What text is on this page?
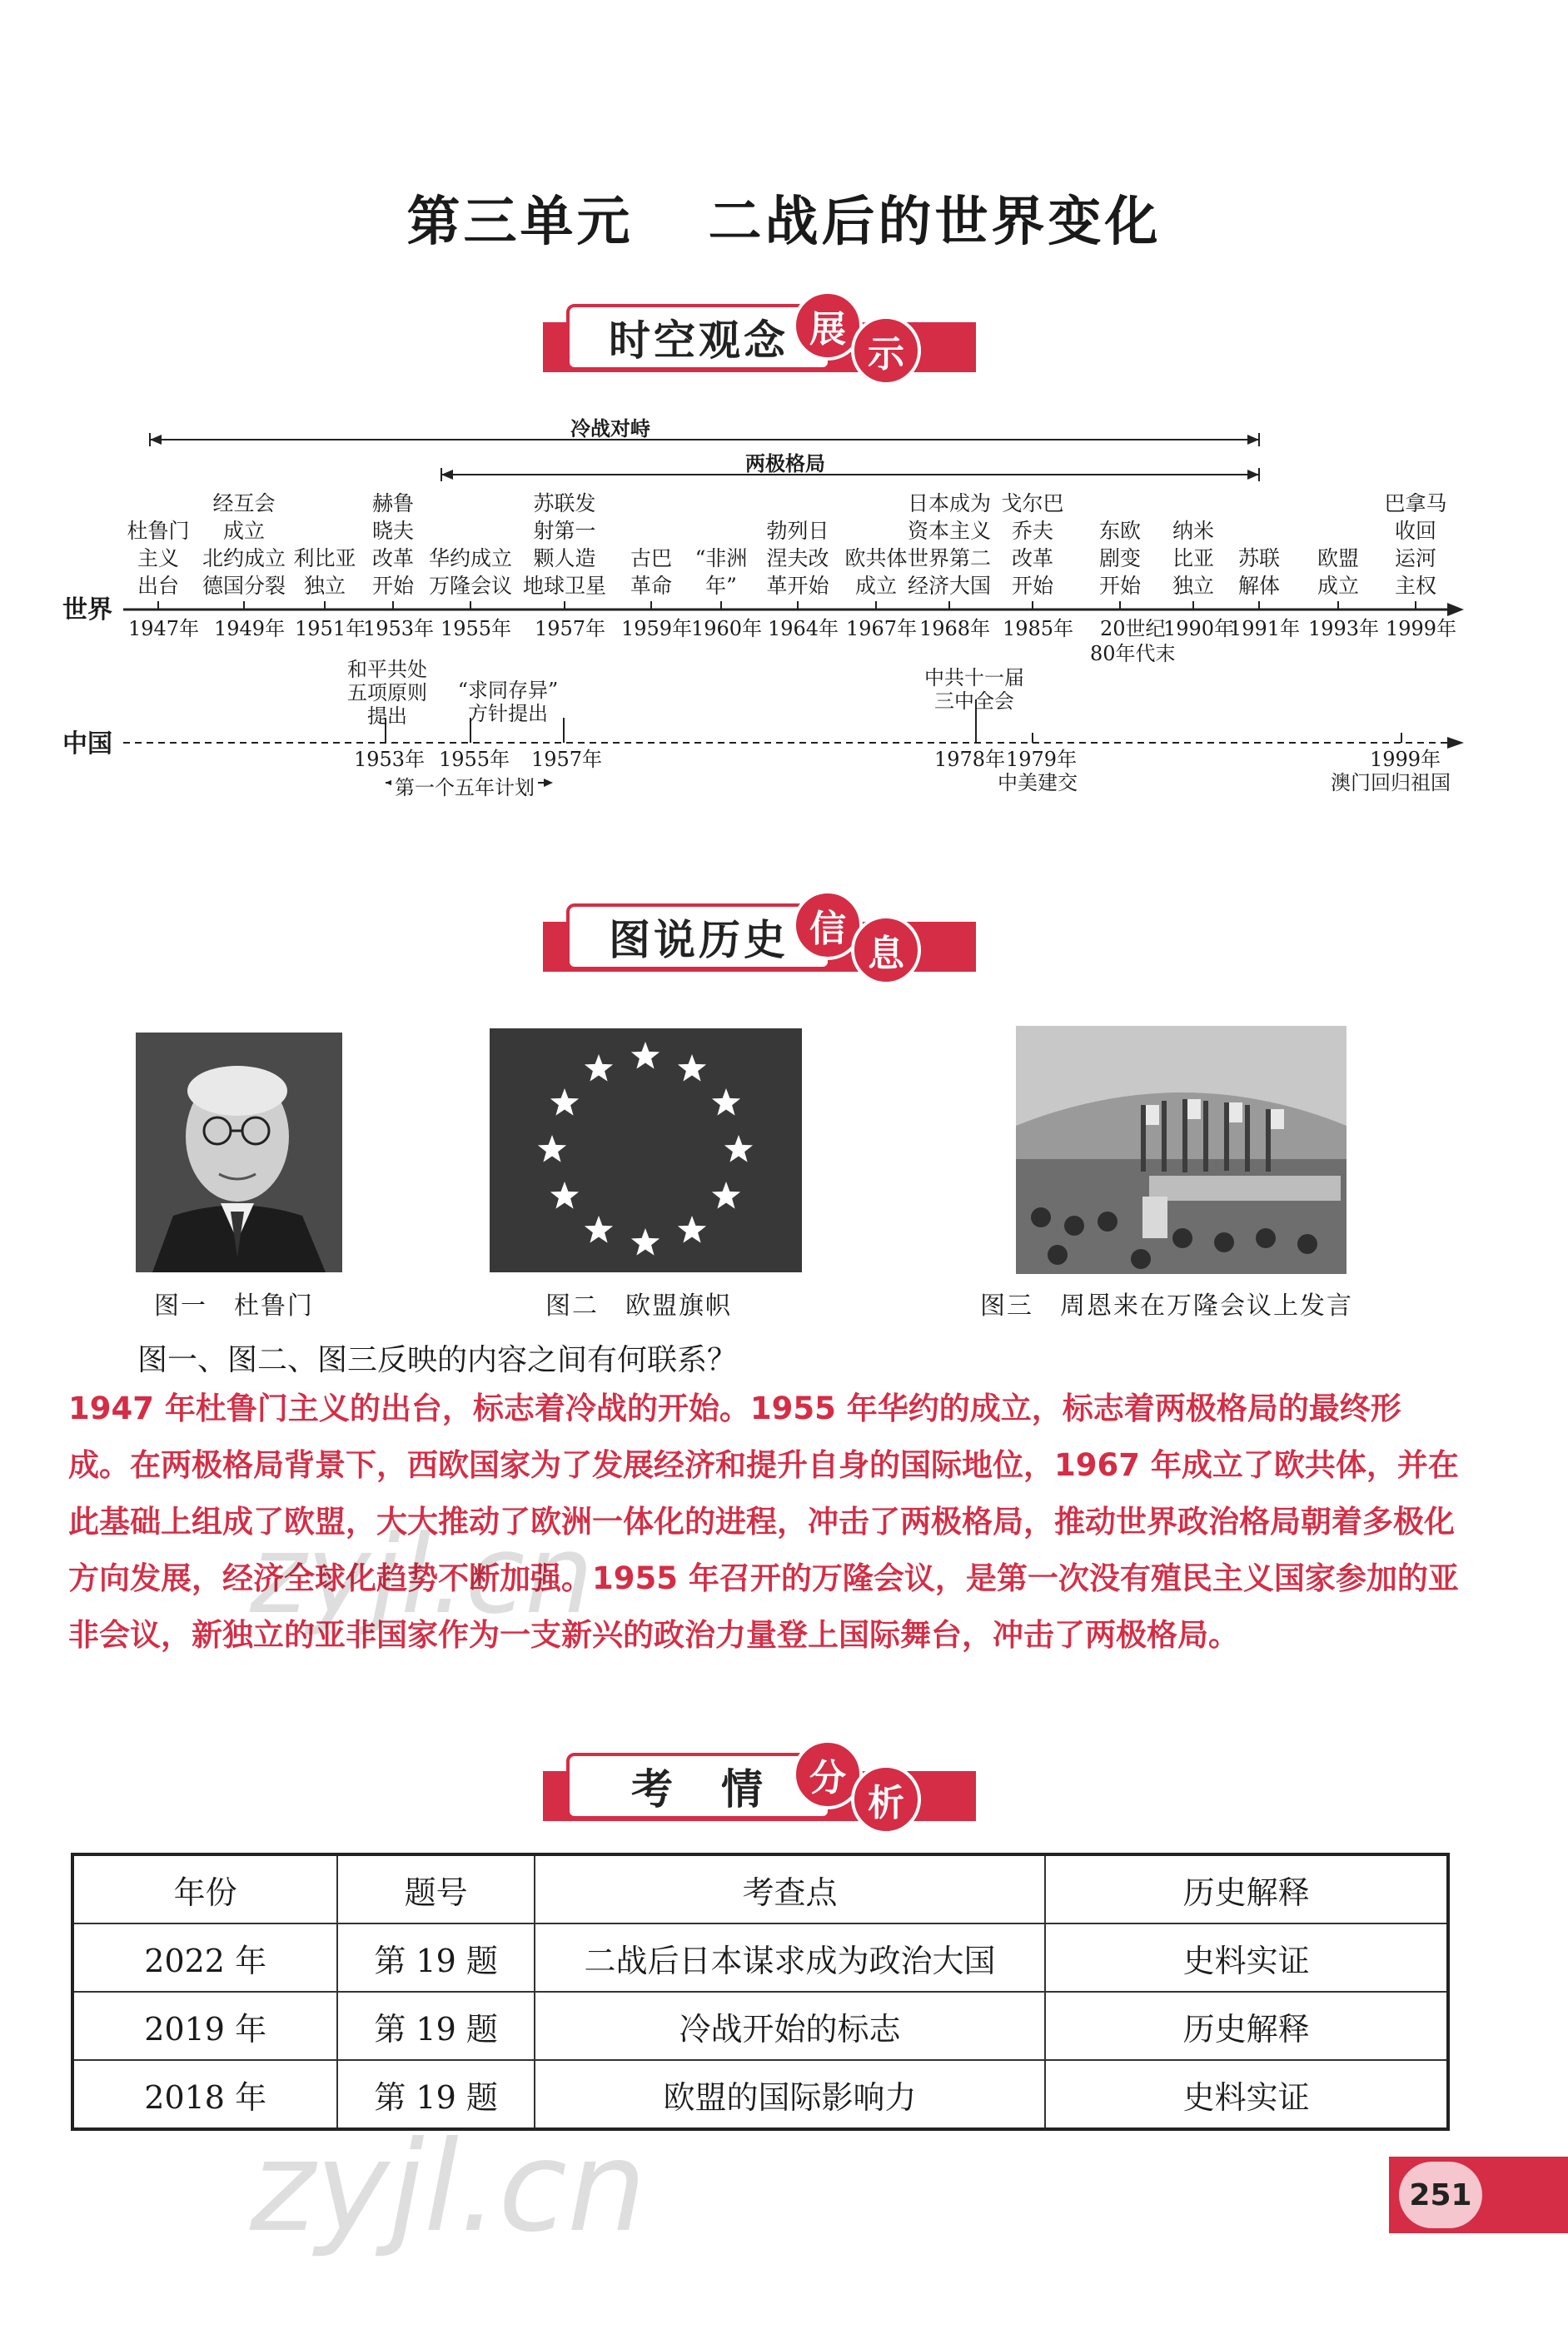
第三单元 二战后的世界变化
时空观念 展
示
冷战对峙
两极格局
世界
中国
杜鲁门
主义
出台
1947年
经互会
成立
北约成立
德国分裂
1949年
利比亚
独立
1951年
赫鲁
晓夫
改革
开始
1953年
华约成立
万隆会议
1955年
苏联发
射第一
颗人造
地球卫星
1957年
古巴
革命
1959年
“非洲
年”
1960年
勃列日
涅夫改
革开始
1964年
欧共体
成立
1967年
日本成为
资本主义
世界第二
经济大国
1968年
戈尔巴
乔夫
改革
开始
1985年
东欧
剧变
开始
20世纪
80年代末
纳米
比亚
独立
1990年
苏联
解体
1991年
欧盟
成立
1993年
巴拿马
收回
运河
主权
1999年
和平共处
五项原则
提出
1953年
“求同存异”
方针提出
1955年 1957年
第一个五年计划
中共十一届
三中全会
1978年 1979年
中美建交
1999年
澳门回归祖国
图说历史 信
息
图一　杜鲁门	图二　欧盟旗帜	图三　周恩来在万隆会议上发言
图一、图二、图三反映的内容之间有何联系？
1947 年杜鲁门主义的出台，标志着冷战的开始。1955 年华约的成立，标志着两极格局的最终形成。在两极格局背景下，西欧国家为了发展经济和提升自身的国际地位，1967 年成立了欧共体，并在此基础上组成了欧盟，大大推动了欧洲一体化的进程，冲击了两极格局，推动世界政治格局朝着多极化方向发展，经济全球化趋势不断加强。1955 年召开的万隆会议，是第一次没有殖民主义国家参加的亚非会议，新独立的亚非国家作为一支新兴的政治力量登上国际舞台，冲击了两极格局。
考　情	分
析
年份	题号	考查点	历史解释
2022 年	第 19 题	二战后日本谋求成为政治大国	史料实证
2019 年	第 19 题	冷战开始的标志	历史解释
2018 年	第 19 题	欧盟的国际影响力	史料实证
zyjl.cn
zyjl.cn	251
